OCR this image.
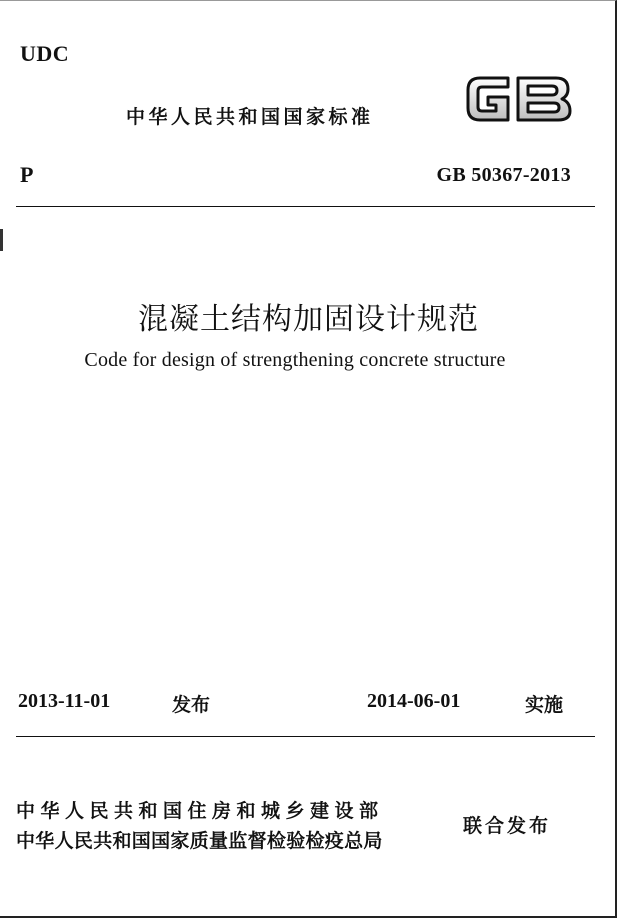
UDC
中华人民共和国国家标准	GB
P	GB 50367-2013
混凝土结构加固设计规范
Code for design of strengthening concrete structure
2013-11-01	发布	2014-06-01	实施
中华人民共和国住房和城乡建设部
中华人民共和国国家质量监督检验检疫总局
联合发布
